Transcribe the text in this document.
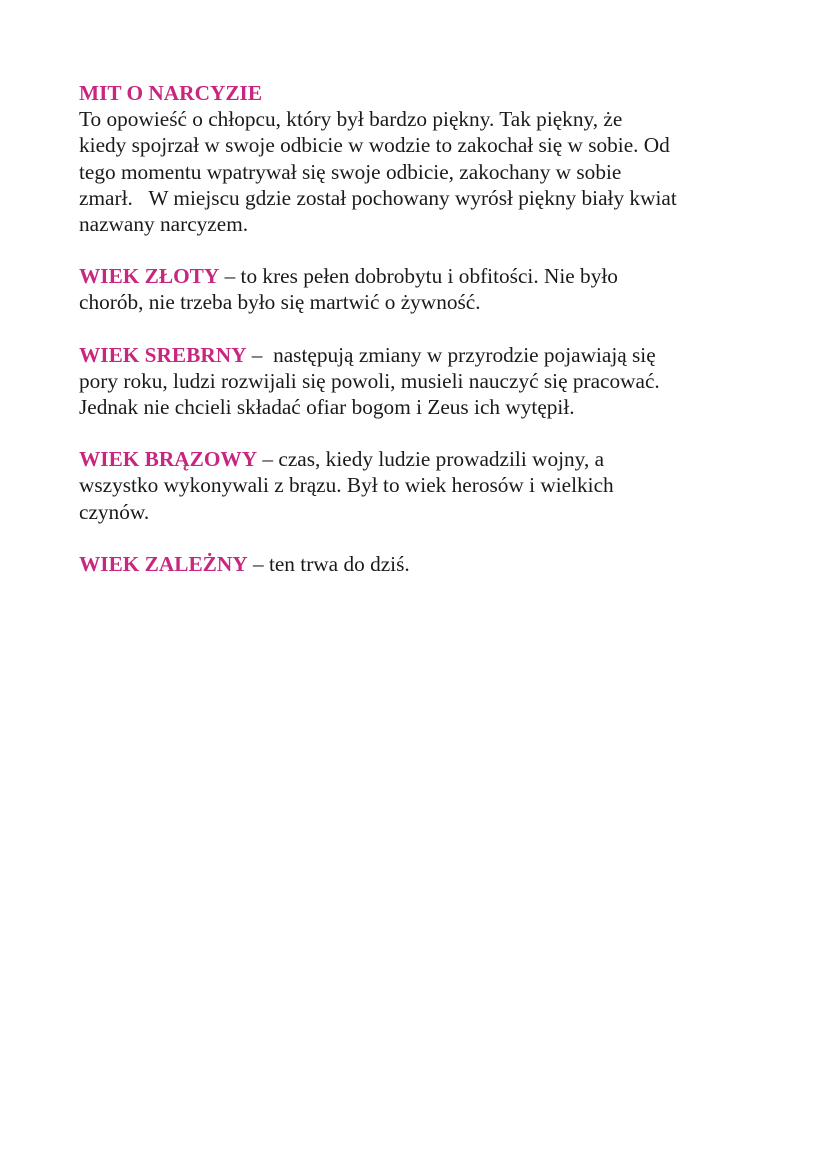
MIT O NARCYZIE
To opowieść o chłopcu, który był bardzo piękny. Tak piękny, że
kiedy spojrzał w swoje odbicie w wodzie to zakochał się w sobie. Od
tego momentu wpatrywał się swoje odbicie, zakochany w sobie
zmarł.   W miejscu gdzie został pochowany wyrósł piękny biały kwiat
nazwany narcyzem.
WIEK ZŁOTY – to kres pełen dobrobytu i obfitości. Nie było
chorób, nie trzeba było się martwić o żywność.
WIEK SREBRNY –  następują zmiany w przyrodzie pojawiają się
pory roku, ludzi rozwijali się powoli, musieli nauczyć się pracować.
Jednak nie chcieli składać ofiar bogom i Zeus ich wytępił.
WIEK BRĄZOWY – czas, kiedy ludzie prowadzili wojny, a
wszystko wykonywali z brązu. Był to wiek herosów i wielkich
czynów.
WIEK ZALEŻNY – ten trwa do dziś.
